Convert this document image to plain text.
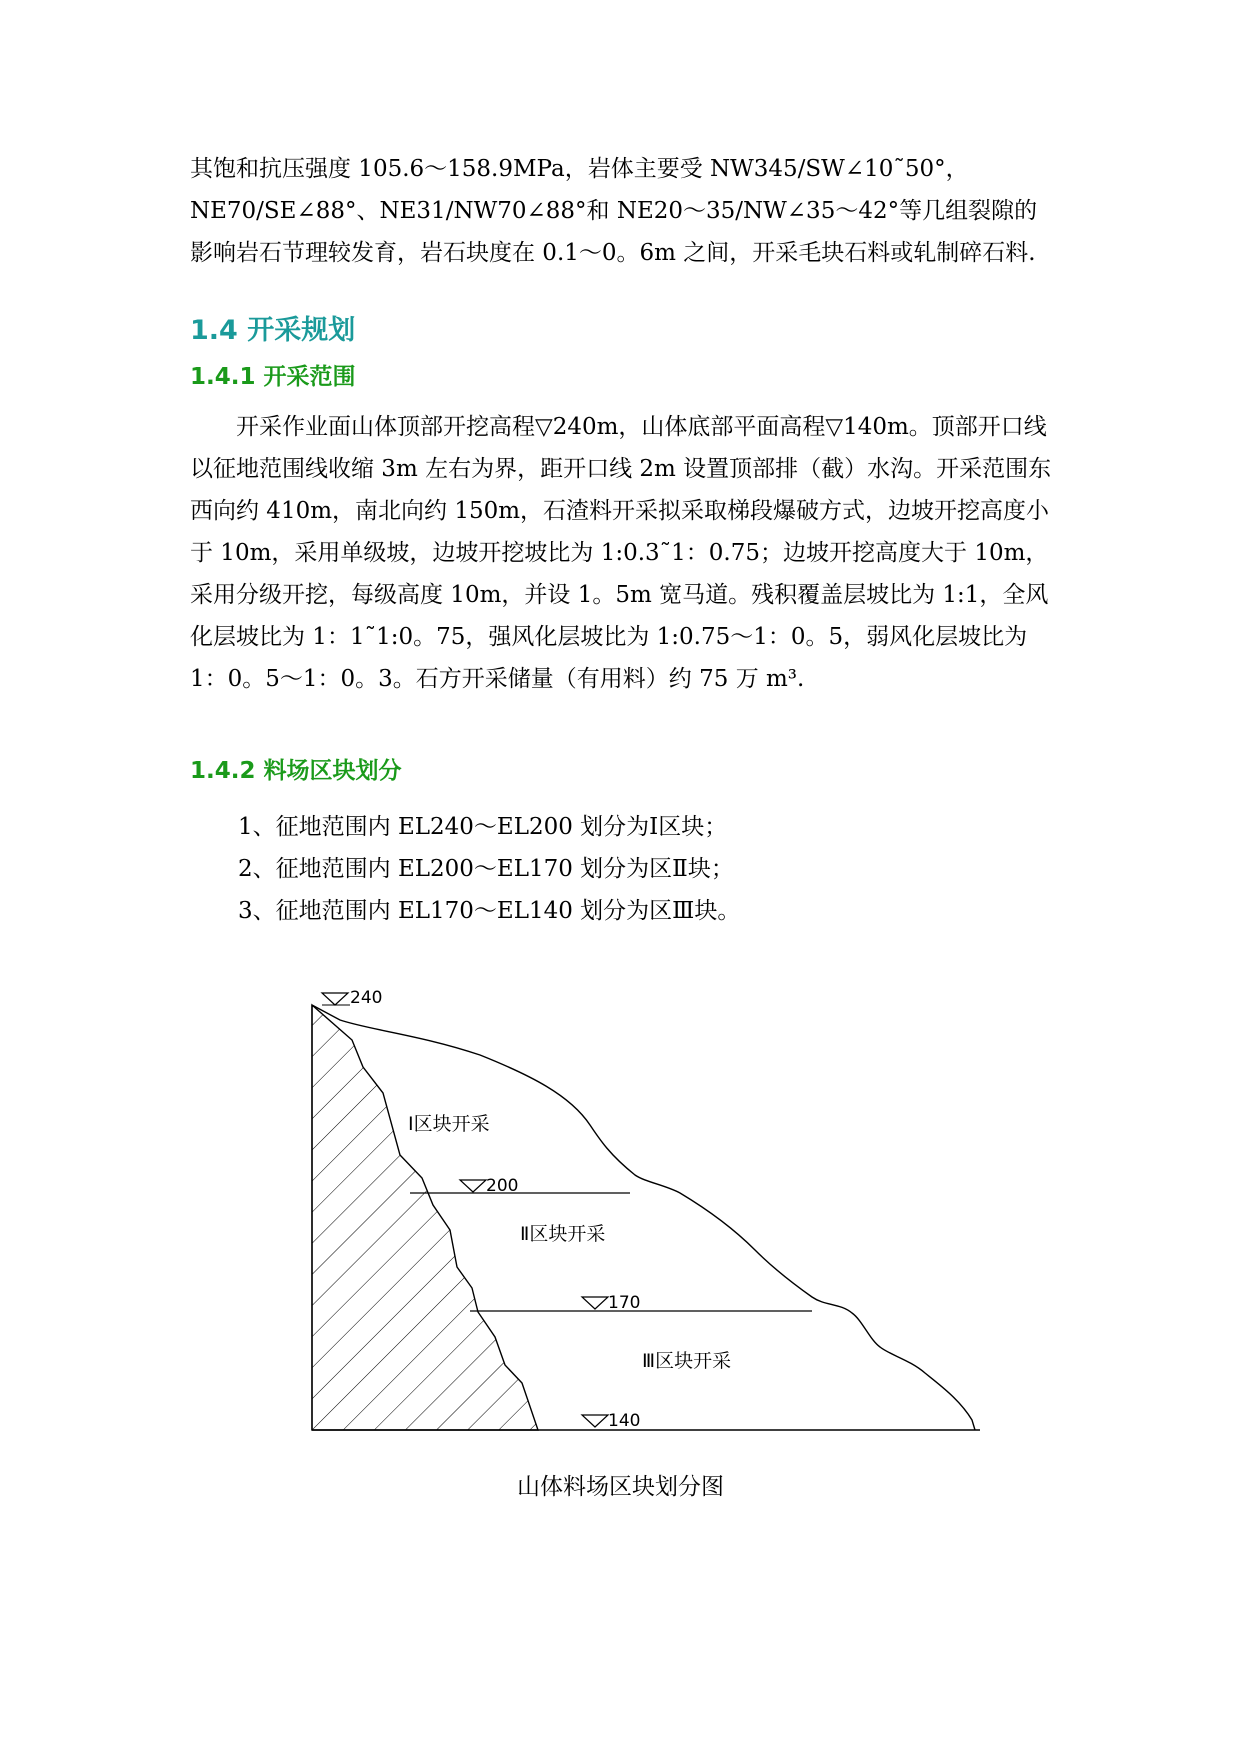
其饱和抗压强度 105.6～158.9MPa，岩体主要受 NW345/SW∠10˜50°，NE70/SE∠88°、NE31/NW70∠88°和 NE20～35/NW∠35～42°等几组裂隙的影响岩石节理较发育，岩石块度在 0.1～0。6m 之间，开采毛块石料或轧制碎石料.

1.4 开采规划
1.4.1 开采范围

开采作业面山体顶部开挖高程▽240m，山体底部平面高程▽140m。顶部开口线以征地范围线收缩 3m 左右为界，距开口线 2m 设置顶部排（截）水沟。开采范围东西向约 410m，南北向约 150m，石渣料开采拟采取梯段爆破方式，边坡开挖高度小于 10m，采用单级坡，边坡开挖坡比为 1:0.3˜1：0.75；边坡开挖高度大于 10m，采用分级开挖，每级高度 10m，并设 1。5m 宽马道。残积覆盖层坡比为 1:1，全风化层坡比为 1：1˜1:0。75，强风化层坡比为 1:0.75～1：0。5，弱风化层坡比为 1：0。5～1：0。3。石方开采储量（有用料）约 75 万 m³.

1.4.2 料场区块划分
1、征地范围内 EL240～EL200 划分为Ⅰ区块；
2、征地范围内 EL200～EL170 划分为区Ⅱ块；
3、征地范围内 EL170～EL140 划分为区Ⅲ块。
240
200
170
140
Ⅰ区块开采
Ⅱ区块开采
Ⅲ区块开采
山体料场区块划分图
